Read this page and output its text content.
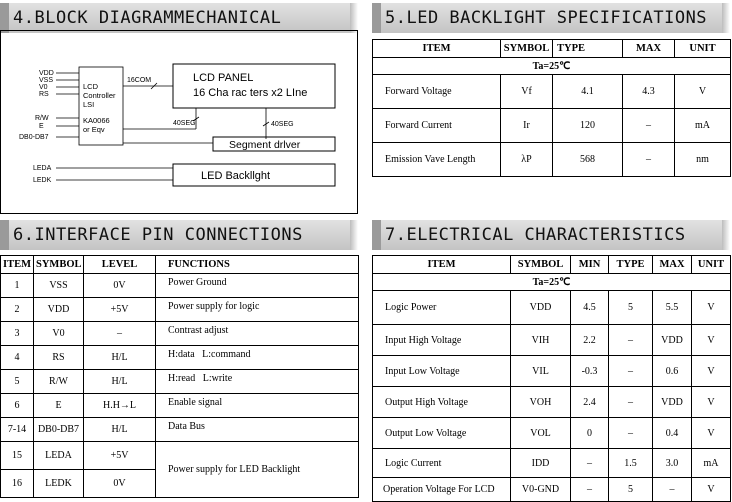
4.BLOCK DIAGRAMMECHANICAL	5.LED BACKLIGHT SPECIFICATIONS
6.INTERFACE PIN CONNECTIONS	7.ELECTRICAL CHARACTERISTICS
VDD
VSS
V0
RS
R/W
E
DB0-DB7
LEDA
LEDK
LCD
Controller
LSI
KA0066
or Eqv
16COM	LCD PANEL
16 Cha rac ters x2 LIne
40SEG	40SEG
Segment drlver
LED Backllght
ITEM	SYMBOL	TYPE	MAX	UNIT
Ta=25℃				
Forward Voltage	Vf	4.1	4.3	V
Forward Current	Ir	120	–	mA
Emission Vave Length	λP	568	–	nm
ITEM	SYMBOL	LEVEL	FUNCTIONS
1	VSS	0V	Power Ground
2	VDD	+5V	Power supply for logic
3	V0	–	Contrast adjust
4	RS	H/L	H:data   L:command
5	R/W	H/L	H:read   L:write
6	E	H.H→L	Enable signal
7-14	DB0-DB7	H/L	Data Bus
15	LEDA	+5V	Power supply for LED Backlight
16	LEDK	0V	
ITEM	SYMBOL	MIN	TYPE	MAX	UNIT
Ta=25℃					
Logic Power	VDD	4.5	5	5.5	V
Input High Voltage	VIH	2.2	–	VDD	V
Input Low Voltage	VIL	-0.3	–	0.6	V
Output High Voltage	VOH	2.4	–	VDD	V
Output Low Voltage	VOL	0	–	0.4	V
Logic Current	IDD	–	1.5	3.0	mA
Operation Voltage For LCD	V0-GND	–	5	–	V
